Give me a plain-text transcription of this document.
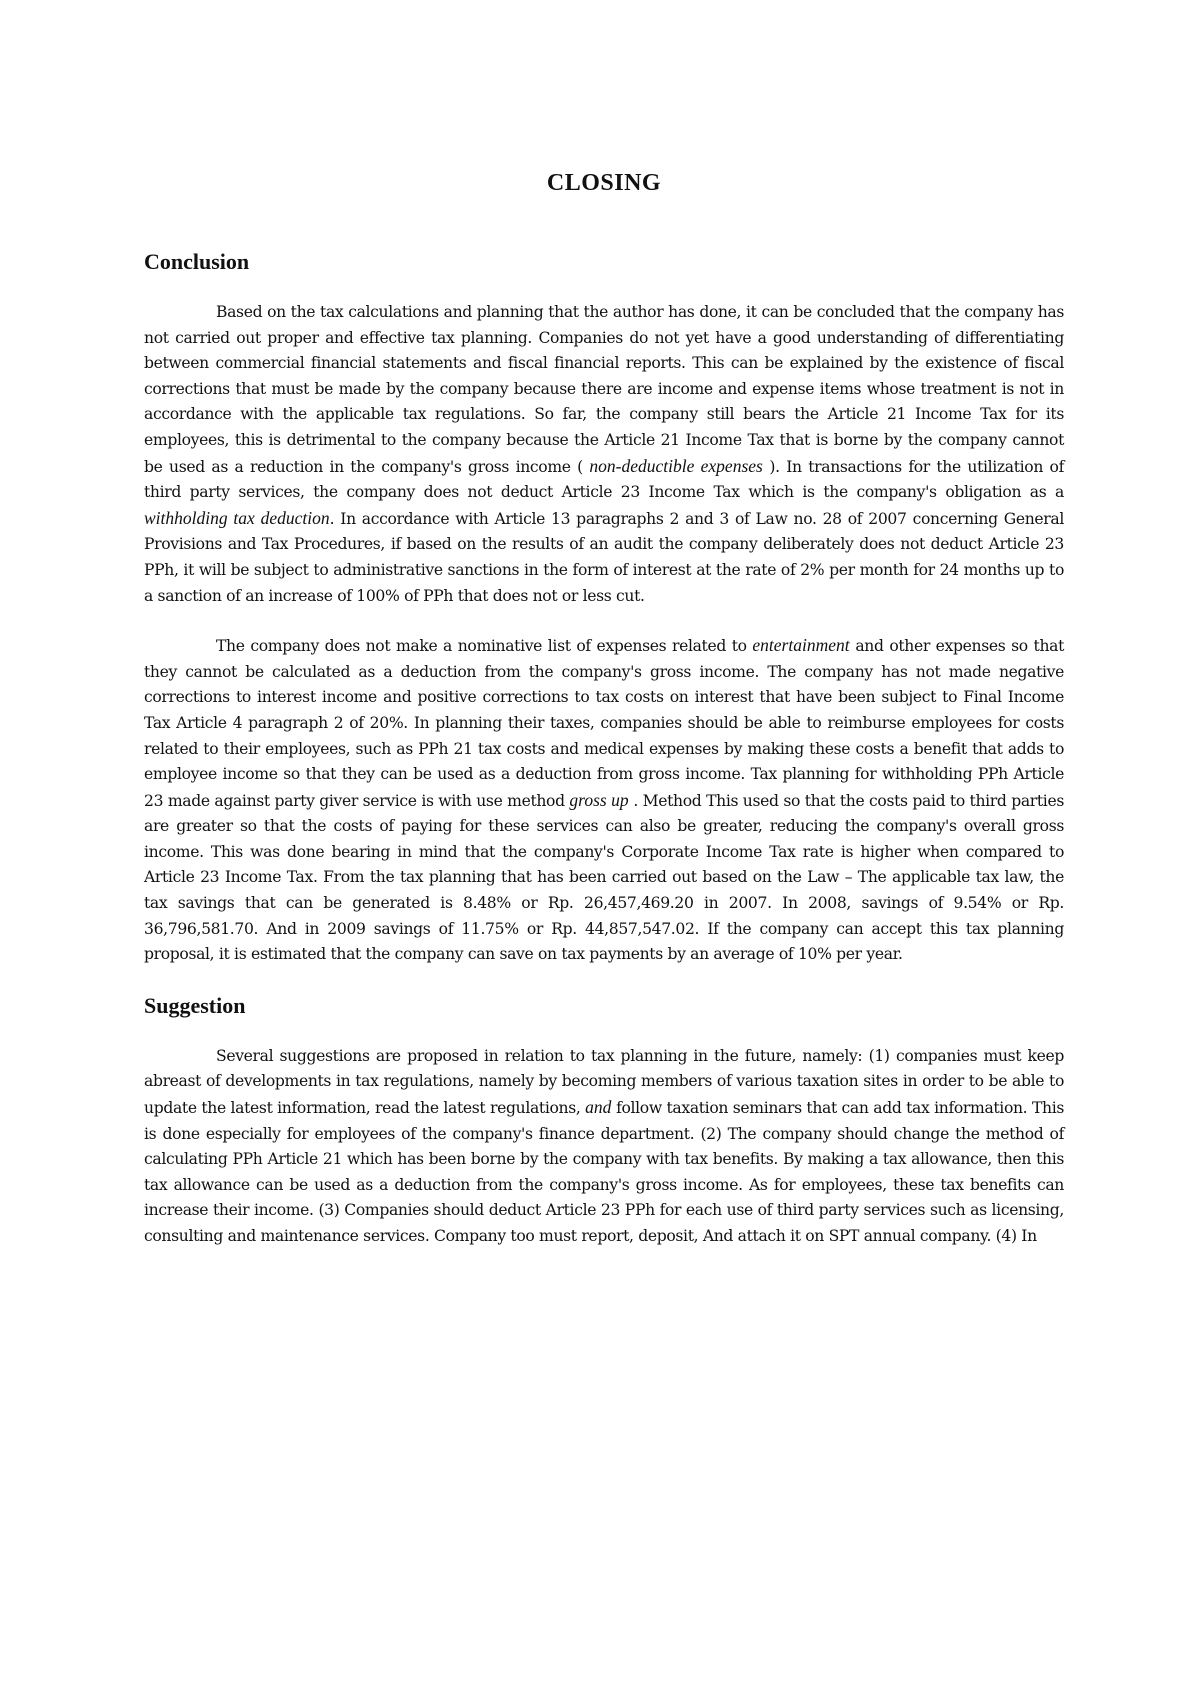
CLOSING
Conclusion

Based on the tax calculations and planning that the author has done, it can be concluded that the company has not carried out proper and effective tax planning. Companies do not yet have a good understanding of differentiating between commercial financial statements and fiscal financial reports. This can be explained by the existence of fiscal corrections that must be made by the company because there are income and expense items whose treatment is not in accordance with the applicable tax regulations. So far, the company still bears the Article 21 Income Tax for its employees, this is detrimental to the company because the Article 21 Income Tax that is borne by the company cannot be used as a reduction in the company's gross income ( non-deductible expenses ). In transactions for the utilization of third party services, the company does not deduct Article 23 Income Tax which is the company's obligation as a withholding tax deduction. In accordance with Article 13 paragraphs 2 and 3 of Law no. 28 of 2007 concerning General Provisions and Tax Procedures, if based on the results of an audit the company deliberately does not deduct Article 23 PPh, it will be subject to administrative sanctions in the form of interest at the rate of 2% per month for 24 months up to a sanction of an increase of 100% of PPh that does not or less cut.

The company does not make a nominative list of expenses related to entertainment and other expenses so that they cannot be calculated as a deduction from the company's gross income. The company has not made negative corrections to interest income and positive corrections to tax costs on interest that have been subject to Final Income Tax Article 4 paragraph 2 of 20%. In planning their taxes, companies should be able to reimburse employees for costs related to their employees, such as PPh 21 tax costs and medical expenses by making these costs a benefit that adds to employee income so that they can be used as a deduction from gross income. Tax planning for withholding PPh Article 23 made against party giver service is with use method gross up . Method This used so that the costs paid to third parties are greater so that the costs of paying for these services can also be greater, reducing the company's overall gross income. This was done bearing in mind that the company's Corporate Income Tax rate is higher when compared to Article 23 Income Tax. From the tax planning that has been carried out based on the Law – The applicable tax law, the tax savings that can be generated is 8.48% or Rp. 26,457,469.20 in 2007. In 2008, savings of 9.54% or Rp. 36,796,581.70. And in 2009 savings of 11.75% or Rp. 44,857,547.02. If the company can accept this tax planning proposal, it is estimated that the company can save on tax payments by an average of 10% per year.

Suggestion

Several suggestions are proposed in relation to tax planning in the future, namely: (1) companies must keep abreast of developments in tax regulations, namely by becoming members of various taxation sites in order to be able to update the latest information, read the latest regulations, and follow taxation seminars that can add tax information. This is done especially for employees of the company's finance department. (2) The company should change the method of calculating PPh Article 21 which has been borne by the company with tax benefits. By making a tax allowance, then this tax allowance can be used as a deduction from the company's gross income. As for employees, these tax benefits can increase their income. (3) Companies should deduct Article 23 PPh for each use of third party services such as licensing, consulting and maintenance services. Company too must report, deposit, And attach it on SPT annual company. (4) In
